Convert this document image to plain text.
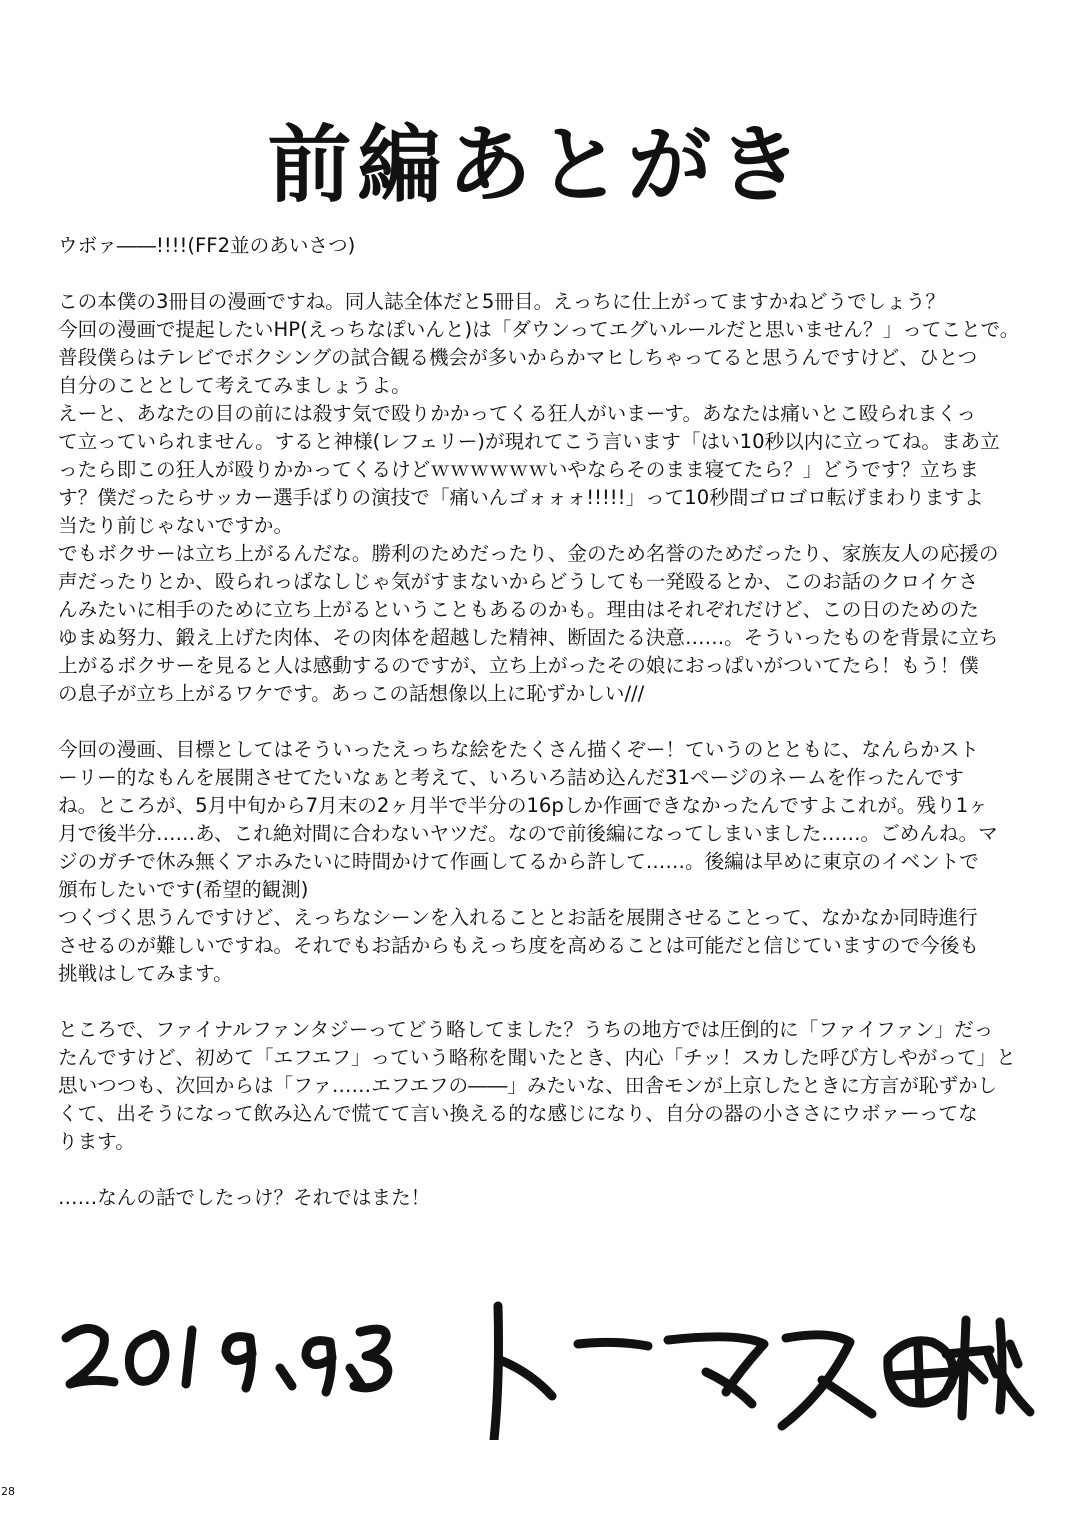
前編あとがき
ウボァ――!!!!(FF2並のあいさつ)
この本僕の3冊目の漫画ですね。同人誌全体だと5冊目。えっちに仕上がってますかねどうでしょう？
今回の漫画で提起したいHP(えっちなぽいんと)は「ダウンってエグいルールだと思いません？」ってことで。
普段僕らはテレビでボクシングの試合観る機会が多いからかマヒしちゃってると思うんですけど、ひとつ
自分のこととして考えてみましょうよ。
えーと、あなたの目の前には殺す気で殴りかかってくる狂人がいまーす。あなたは痛いとこ殴られまくっ
て立っていられません。すると神様(レフェリー)が現れてこう言います「はい10秒以内に立ってね。まあ立
ったら即この狂人が殴りかかってくるけどｗｗｗｗｗｗいやならそのまま寝てたら？」どうです？立ちま
す？僕だったらサッカー選手ばりの演技で「痛いんゴォォォ!!!!!」って10秒間ゴロゴロ転げまわりますよ
当たり前じゃないですか。
でもボクサーは立ち上がるんだな。勝利のためだったり、金のため名誉のためだったり、家族友人の応援の
声だったりとか、殴られっぱなしじゃ気がすまないからどうしても一発殴るとか、このお話のクロイケさ
んみたいに相手のために立ち上がるということもあるのかも。理由はそれぞれだけど、この日のためのた
ゆまぬ努力、鍛え上げた肉体、その肉体を超越した精神、断固たる決意……。そういったものを背景に立ち
上がるボクサーを見ると人は感動するのですが、立ち上がったその娘におっぱいがついてたら！もう！僕
の息子が立ち上がるワケです。あっこの話想像以上に恥ずかしい///
今回の漫画、目標としてはそういったえっちな絵をたくさん描くぞー！ていうのとともに、なんらかスト
ーリー的なもんを展開させてたいなぁと考えて、いろいろ詰め込んだ31ページのネームを作ったんです
ね。ところが、5月中旬から7月末の2ヶ月半で半分の16pしか作画できなかったんですよこれが。残り1ヶ
月で後半分……あ、これ絶対間に合わないヤツだ。なので前後編になってしまいました……。ごめんね。マ
ジのガチで休み無くアホみたいに時間かけて作画してるから許して……。後編は早めに東京のイベントで
頒布したいです(希望的観測)
つくづく思うんですけど、えっちなシーンを入れることとお話を展開させることって、なかなか同時進行
させるのが難しいですね。それでもお話からもえっち度を高めることは可能だと信じていますので今後も
挑戦はしてみます。
ところで、ファイナルファンタジーってどう略してました？うちの地方では圧倒的に「ファイファン」だっ
たんですけど、初めて「エフエフ」っていう略称を聞いたとき、内心「チッ！スカした呼び方しやがって」と
思いつつも、次回からは「ファ……エフエフの――」みたいな、田舎モンが上京したときに方言が恥ずかし
くて、出そうになって飲み込んで慌てて言い換える的な感じになり、自分の器の小ささにウボァーってな
ります。
……なんの話でしたっけ？それではまた！
28
